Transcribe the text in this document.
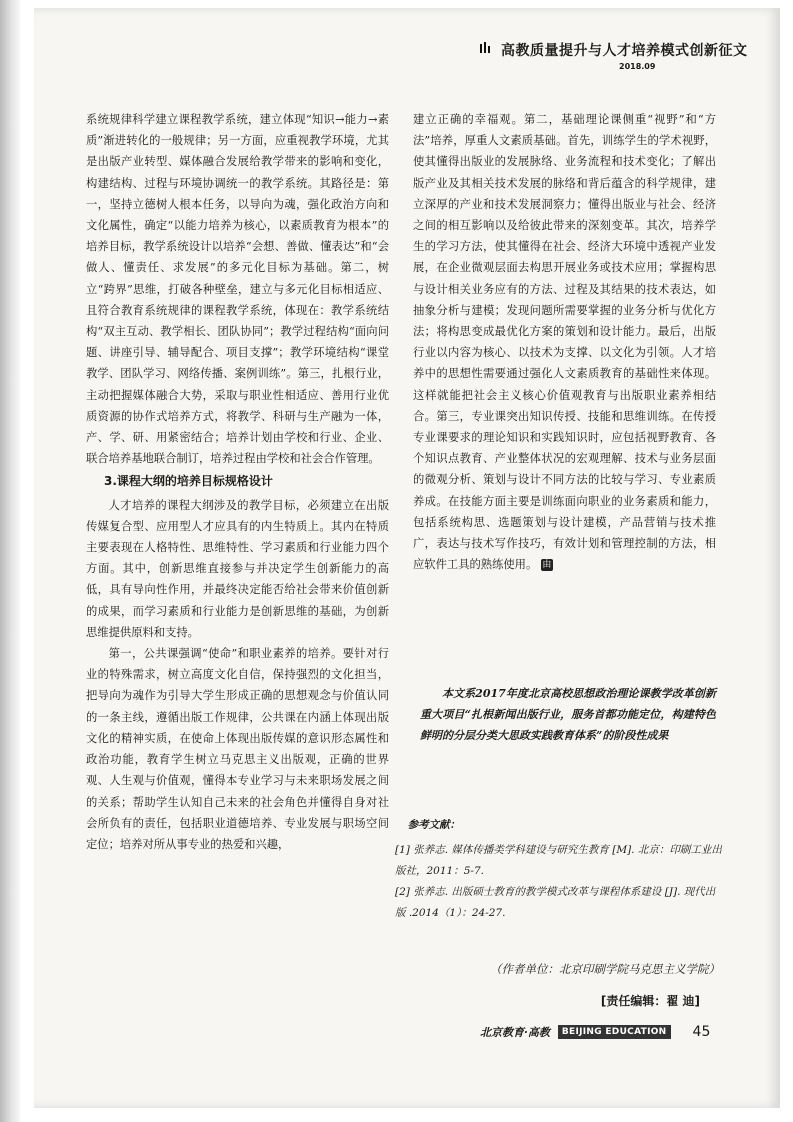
高教质量提升与人才培养模式创新征文
2018.09

系统规律科学建立课程教学系统，建立体现“知识→能力→素质”渐进转化的一般规律；另一方面，应重视教学环境，尤其是出版产业转型、媒体融合发展给教学带来的影响和变化，构建结构、过程与环境协调统一的教学系统。其路径是：第一，坚持立德树人根本任务，以导向为魂，强化政治方向和文化属性，确定“以能力培养为核心，以素质教育为根本”的培养目标，教学系统设计以培养“会想、善做、懂表达”和“会做人、懂责任、求发展”的多元化目标为基础。第二，树立“跨界”思维，打破各种壁垒，建立与多元化目标相适应、且符合教育系统规律的课程教学系统，体现在：教学系统结构“双主互动、教学相长、团队协同”；教学过程结构“面向问题、讲座引导、辅导配合、项目支撑”；教学环境结构“课堂教学、团队学习、网络传播、案例训练”。第三，扎根行业，主动把握媒体融合大势，采取与职业性相适应、善用行业优质资源的协作式培养方式，将教学、科研与生产融为一体，产、学、研、用紧密结合；培养计划由学校和行业、企业、联合培养基地联合制订，培养过程由学校和社会合作管理。

3.课程大纲的培养目标规格设计

人才培养的课程大纲涉及的教学目标，必须建立在出版传媒复合型、应用型人才应具有的内生特质上。其内在特质主要表现在人格特性、思维特性、学习素质和行业能力四个方面。其中，创新思维直接参与并决定学生创新能力的高低，具有导向性作用，并最终决定能否给社会带来价值创新的成果，而学习素质和行业能力是创新思维的基础，为创新思维提供原料和支持。

第一，公共课强调“使命”和职业素养的培养。要针对行业的特殊需求，树立高度文化自信，保持强烈的文化担当，把导向为魂作为引导大学生形成正确的思想观念与价值认同的一条主线，遵循出版工作规律，公共课在内涵上体现出版文化的精神实质，在使命上体现出版传媒的意识形态属性和政治功能，教育学生树立马克思主义出版观，正确的世界观、人生观与价值观，懂得本专业学习与未来职场发展之间的关系；帮助学生认知自己未来的社会角色并懂得自身对社会所负有的责任，包括职业道德培养、专业发展与职场空间定位；培养对所从事专业的热爱和兴趣，

建立正确的幸福观。第二，基础理论课侧重“视野”和“方法”培养，厚重人文素质基础。首先，训练学生的学术视野，使其懂得出版业的发展脉络、业务流程和技术变化；了解出版产业及其相关技术发展的脉络和背后蕴含的科学规律，建立深厚的产业和技术发展洞察力；懂得出版业与社会、经济之间的相互影响以及给彼此带来的深刻变革。其次，培养学生的学习方法，使其懂得在社会、经济大环境中透视产业发展，在企业微观层面去构思开展业务或技术应用；掌握构思与设计相关业务应有的方法、过程及其结果的技术表达，如抽象分析与建模；发现问题所需要掌握的业务分析与优化方法；将构思变成最优化方案的策划和设计能力。最后，出版行业以内容为核心、以技术为支撑、以文化为引领。人才培养中的思想性需要通过强化人文素质教育的基础性来体现。这样就能把社会主义核心价值观教育与出版职业素养相结合。第三，专业课突出知识传授、技能和思维训练。在传授专业课要求的理论知识和实践知识时，应包括视野教育、各个知识点教育、产业整体状况的宏观理解、技术与业务层面的微观分析、策划与设计不同方法的比较与学习、专业素质养成。在技能方面主要是训练面向职业的业务素质和能力，包括系统构思、选题策划与设计建模，产品营销与技术推广，表达与技术写作技巧，有效计划和管理控制的方法，相应软件工具的熟练使用。 由

本文系2017年度北京高校思想政治理论课教学改革创新重大项目“扎根新闻出版行业，服务首都功能定位，构建特色鲜明的分层分类大思政实践教育体系”的阶段性成果

参考文献：

[1] 张养志. 媒体传播类学科建设与研究生教育 [M]. 北京：印刷工业出版社，2011：5-7.

[2] 张养志. 出版硕士教育的教学模式改革与课程体系建设 [J]. 现代出版 .2014（1）：24-27.

（作者单位：北京印刷学院马克思主义学院）
[责任编辑：翟 迪]
北京教育·高教	BEIJING EDUCATION 45
